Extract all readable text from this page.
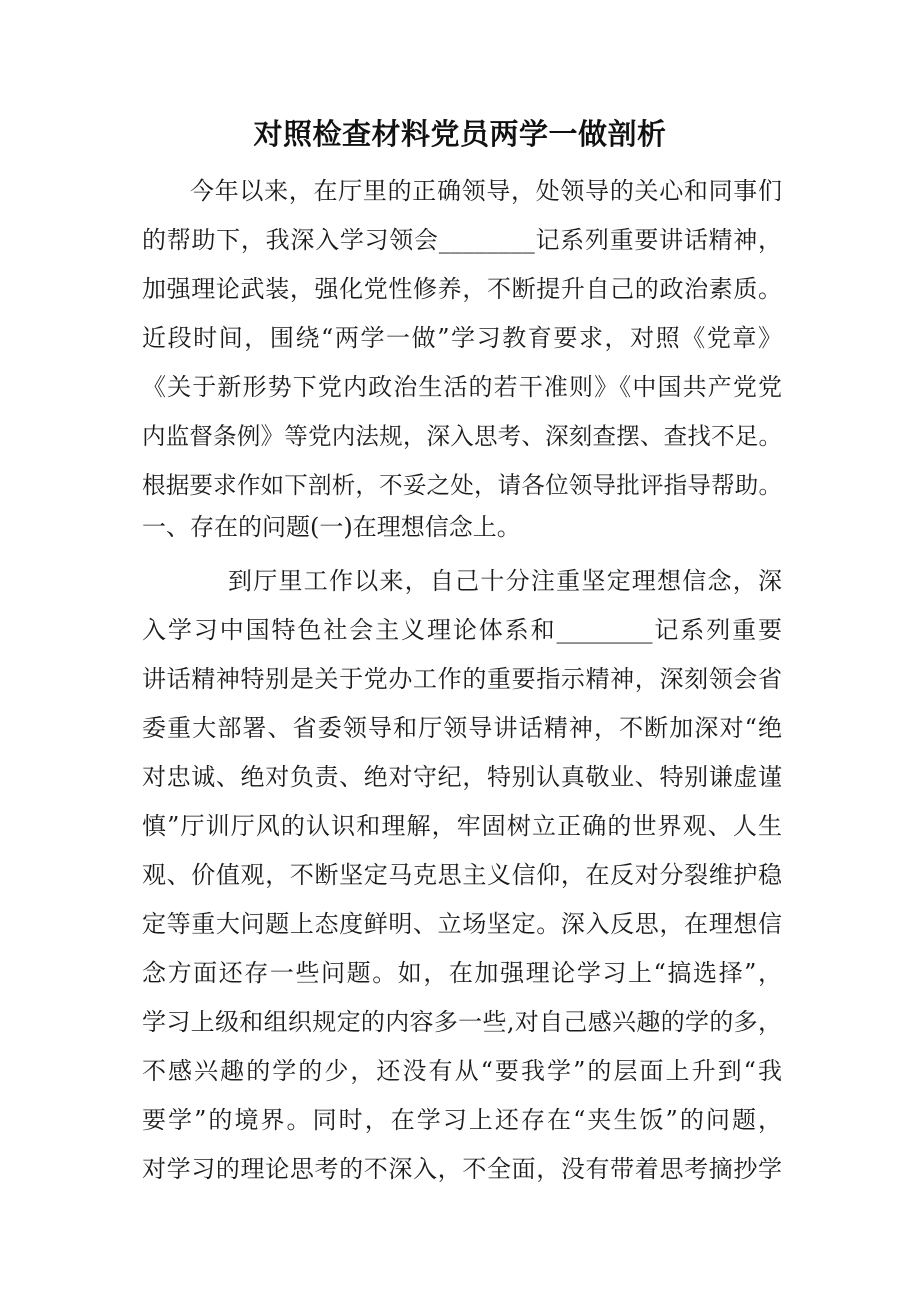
对照检查材料党员两学一做剖析
今年以来，在厅里的正确领导，处领导的关心和同事们
的帮助下，我深入学习领会________记系列重要讲话精神，
加强理论武装，强化党性修养，不断提升自己的政治素质。
近段时间，围绕“两学一做”学习教育要求，对照《党章》
《关于新形势下党内政治生活的若干准则》《中国共产党党
内监督条例》等党内法规，深入思考、深刻查摆、查找不足。
根据要求作如下剖析，不妥之处，请各位领导批评指导帮助。
一、存在的问题(一)在理想信念上。
到厅里工作以来，自己十分注重坚定理想信念，深
入学习中国特色社会主义理论体系和________记系列重要
讲话精神特别是关于党办工作的重要指示精神，深刻领会省
委重大部署、省委领导和厅领导讲话精神，不断加深对“绝
对忠诚、绝对负责、绝对守纪，特别认真敬业、特别谦虚谨
慎”厅训厅风的认识和理解，牢固树立正确的世界观、人生
观、价值观，不断坚定马克思主义信仰，在反对分裂维护稳
定等重大问题上态度鲜明、立场坚定。深入反思，在理想信
念方面还存一些问题。如，在加强理论学习上“搞选择”，
学习上级和组织规定的内容多一些,对自己感兴趣的学的多，
不感兴趣的学的少，还没有从“要我学”的层面上升到“我
要学”的境界。同时，在学习上还存在“夹生饭”的问题，
对学习的理论思考的不深入，不全面，没有带着思考摘抄学
